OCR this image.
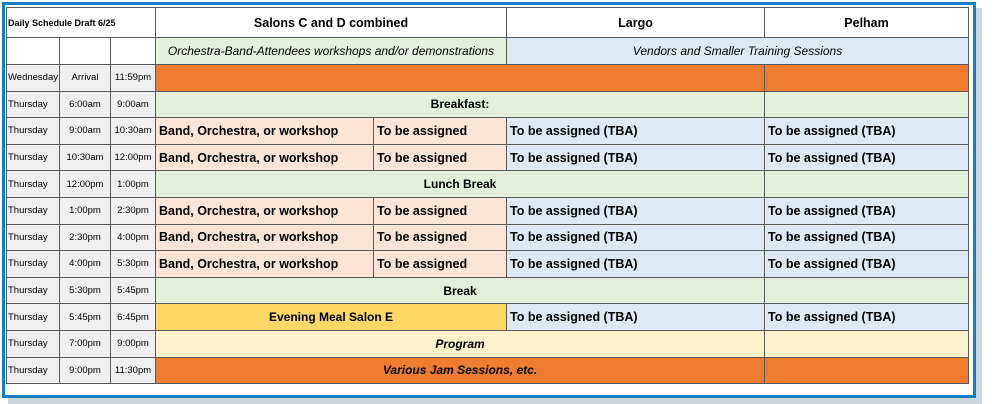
Daily Schedule Draft 6/25			Salons C and D combined		Largo	Pelham
			Orchestra-Band-Attendees workshops and/or demonstrations		Vendors and Smaller Training Sessions	
Wednesday	Arrival	11:59pm				
Thursday	6:00am	9:00am	Breakfast:			
Thursday	9:00am	10:30am	Band, Orchestra, or workshop	To be assigned	To be assigned (TBA)	To be assigned (TBA)
Thursday	10:30am	12:00pm	Band, Orchestra, or workshop	To be assigned	To be assigned (TBA)	To be assigned (TBA)
Thursday	12:00pm	1:00pm	Lunch Break			
Thursday	1:00pm	2:30pm	Band, Orchestra, or workshop	To be assigned	To be assigned (TBA)	To be assigned (TBA)
Thursday	2:30pm	4:00pm	Band, Orchestra, or workshop	To be assigned	To be assigned (TBA)	To be assigned (TBA)
Thursday	4:00pm	5:30pm	Band, Orchestra, or workshop	To be assigned	To be assigned (TBA)	To be assigned (TBA)
Thursday	5:30pm	5:45pm	Break			
Thursday	5:45pm	6:45pm	Evening Meal Salon E		To be assigned (TBA)	To be assigned (TBA)
Thursday	7:00pm	9:00pm	Program			
Thursday	9:00pm	11:30pm	Various Jam Sessions, etc.			
